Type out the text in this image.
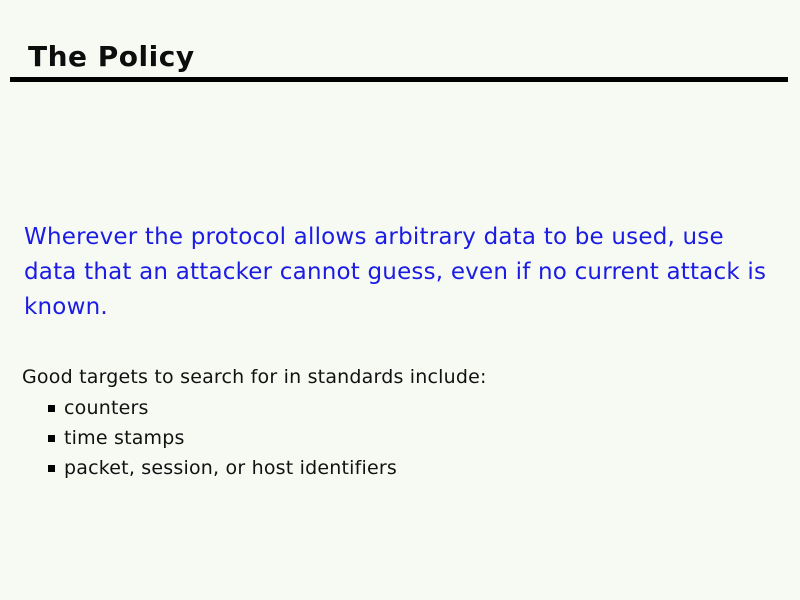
The Policy
Wherever the protocol allows arbitrary data to be used, use data that an attacker cannot guess, even if no current attack is known.
Good targets to search for in standards include:
counters
time stamps
packet, session, or host identifiers
